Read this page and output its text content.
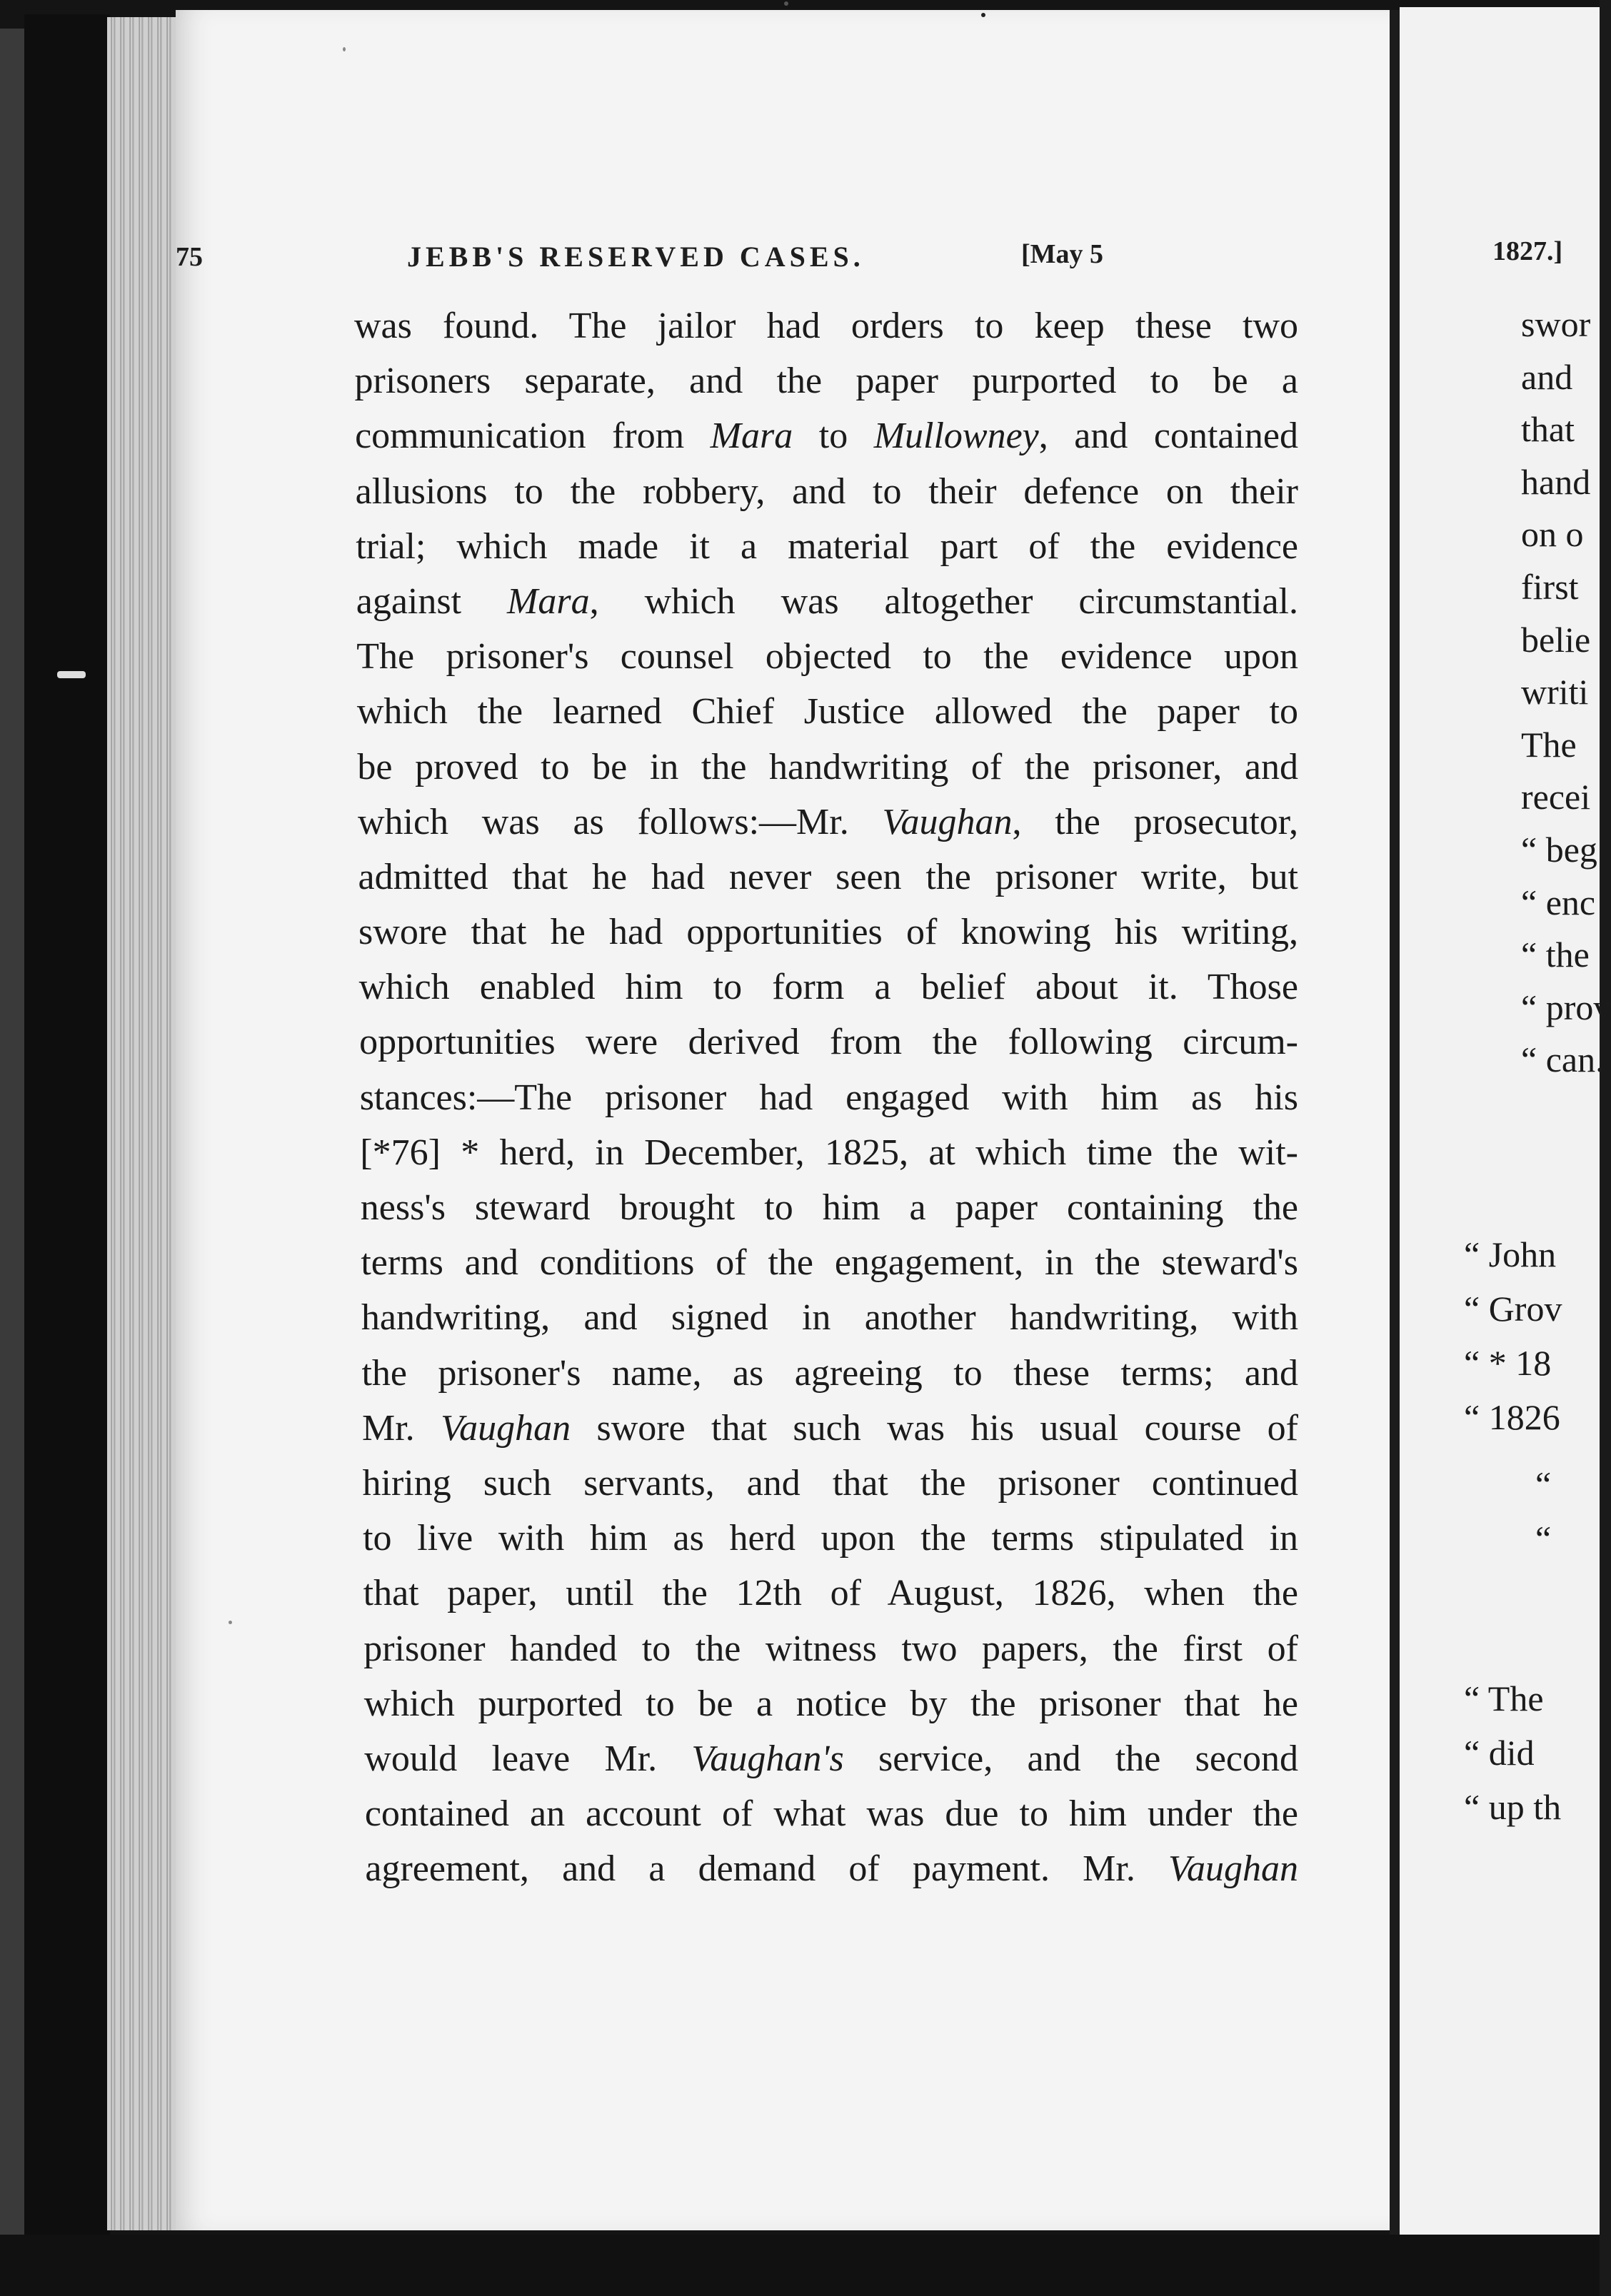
75	JEBB'S RESERVED CASES.	[May 5
was found. The jailor had orders to keep these two
prisoners separate, and the paper purported to be a
communication from Mara to Mullowney, and contained
allusions to the robbery, and to their defence on their
trial; which made it a material part of the evidence
against Mara, which was altogether circumstantial.
The prisoner's counsel objected to the evidence upon
which the learned Chief Justice allowed the paper to
be proved to be in the handwriting of the prisoner, and
which was as follows:—Mr. Vaughan, the prosecutor,
admitted that he had never seen the prisoner write, but
swore that he had opportunities of knowing his writing,
which enabled him to form a belief about it. Those
opportunities were derived from the following circum-
stances:—The prisoner had engaged with him as his
[*76] * herd, in December, 1825, at which time the wit-
ness's steward brought to him a paper containing the
terms and conditions of the engagement, in the steward's
handwriting, and signed in another handwriting, with
the prisoner's name, as agreeing to these terms; and
Mr. Vaughan swore that such was his usual course of
hiring such servants, and that the prisoner continued
to live with him as herd upon the terms stipulated in
that paper, until the 12th of August, 1826, when the
prisoner handed to the witness two papers, the first of
which purported to be a notice by the prisoner that he
would leave Mr. Vaughan's service, and the second
contained an account of what was due to him under the
agreement, and a demand of payment. Mr. Vaughan
1827.]
swor
and
that
hand
on o
first
belie
writi
The
recei
“ beg
“ enc
“ the
“ prov
“ can.
“ John
“ Grov
“ * 18
“ 1826
“
“
“ The
“ did
“ up th
